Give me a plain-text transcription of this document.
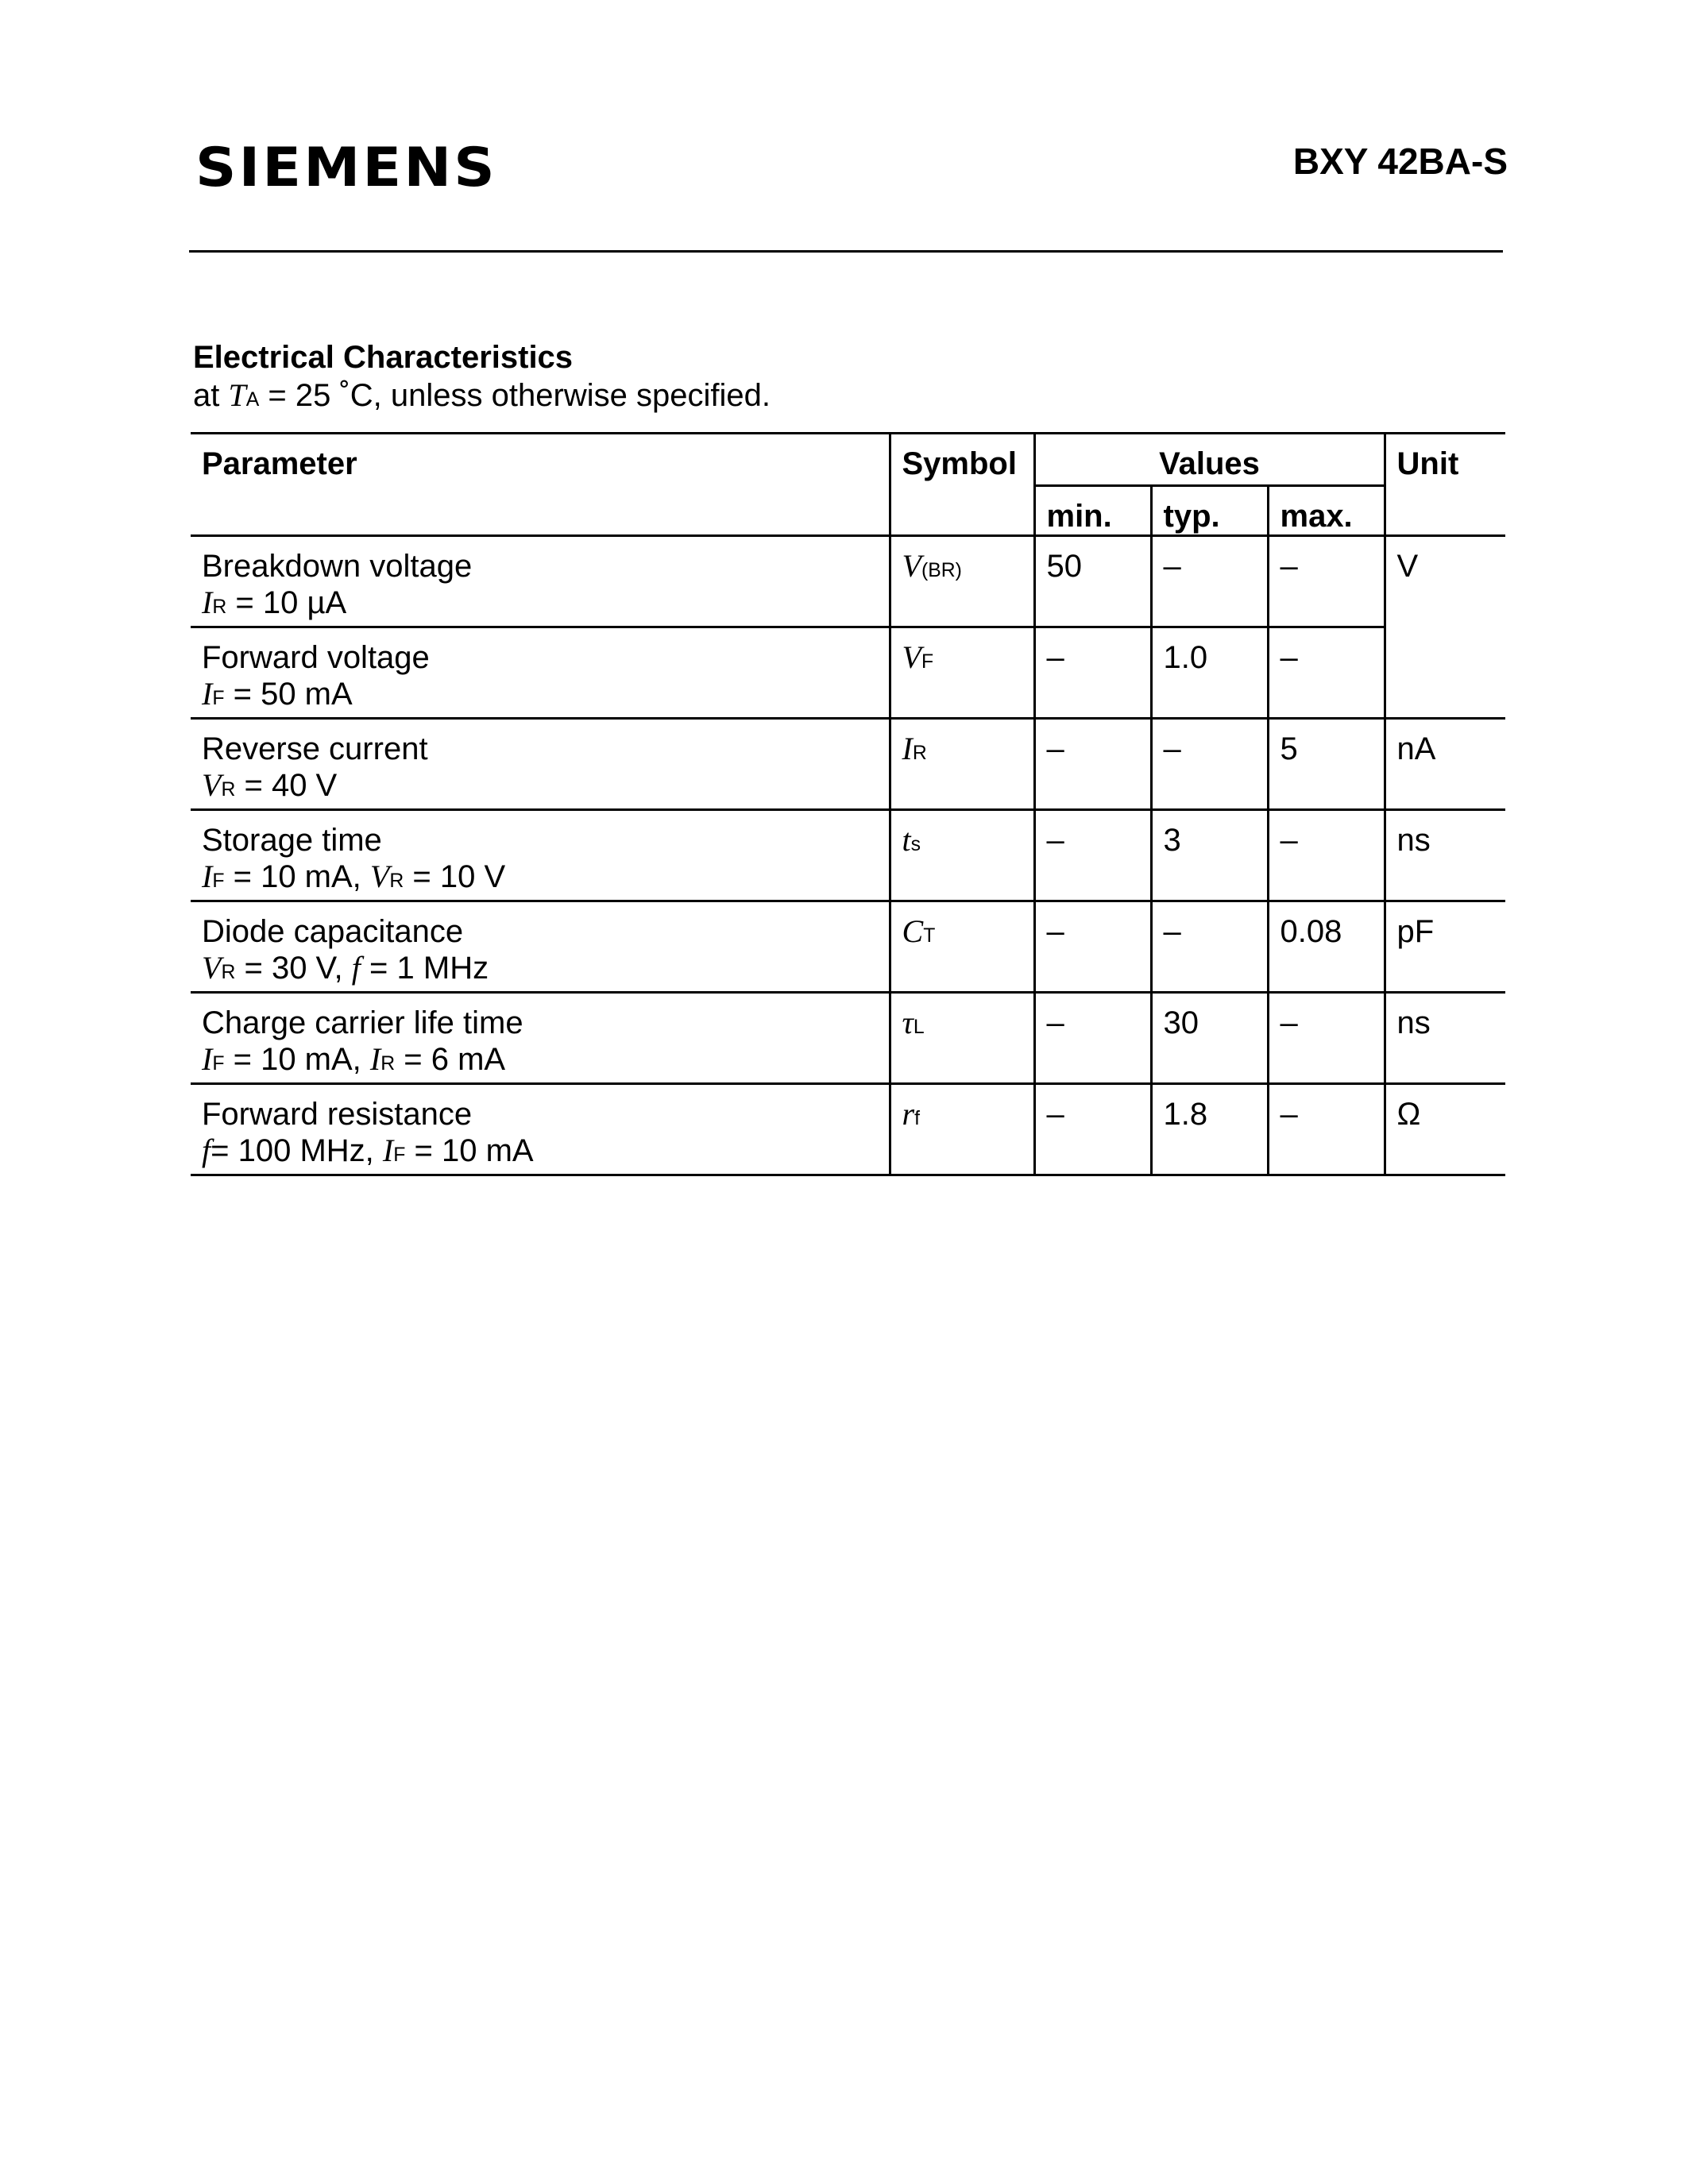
SIEMENS	BXY 42BA-S
Electrical Characteristics
at TA = 25 ˚C, unless otherwise specified.
Parameter	Symbol	Values			Unit
		min.	typ.	max.	

Breakdown voltage
IR = 10 µA	V(BR)	50	–	–	V

Forward voltage
IF = 50 mA	VF	–	1.0	–	

Reverse current
VR = 40 V	IR	–	–	5	nA

Storage time
IF = 10 mA, VR = 10 V	ts	–	3	–	ns

Diode capacitance
VR = 30 V, f = 1 MHz	CT	–	–	0.08	pF

Charge carrier life time
IF = 10 mA, IR = 6 mA	τL	–	30	–	ns

Forward resistance
f= 100 MHz, IF = 10 mA	rf	–	1.8	–	Ω
